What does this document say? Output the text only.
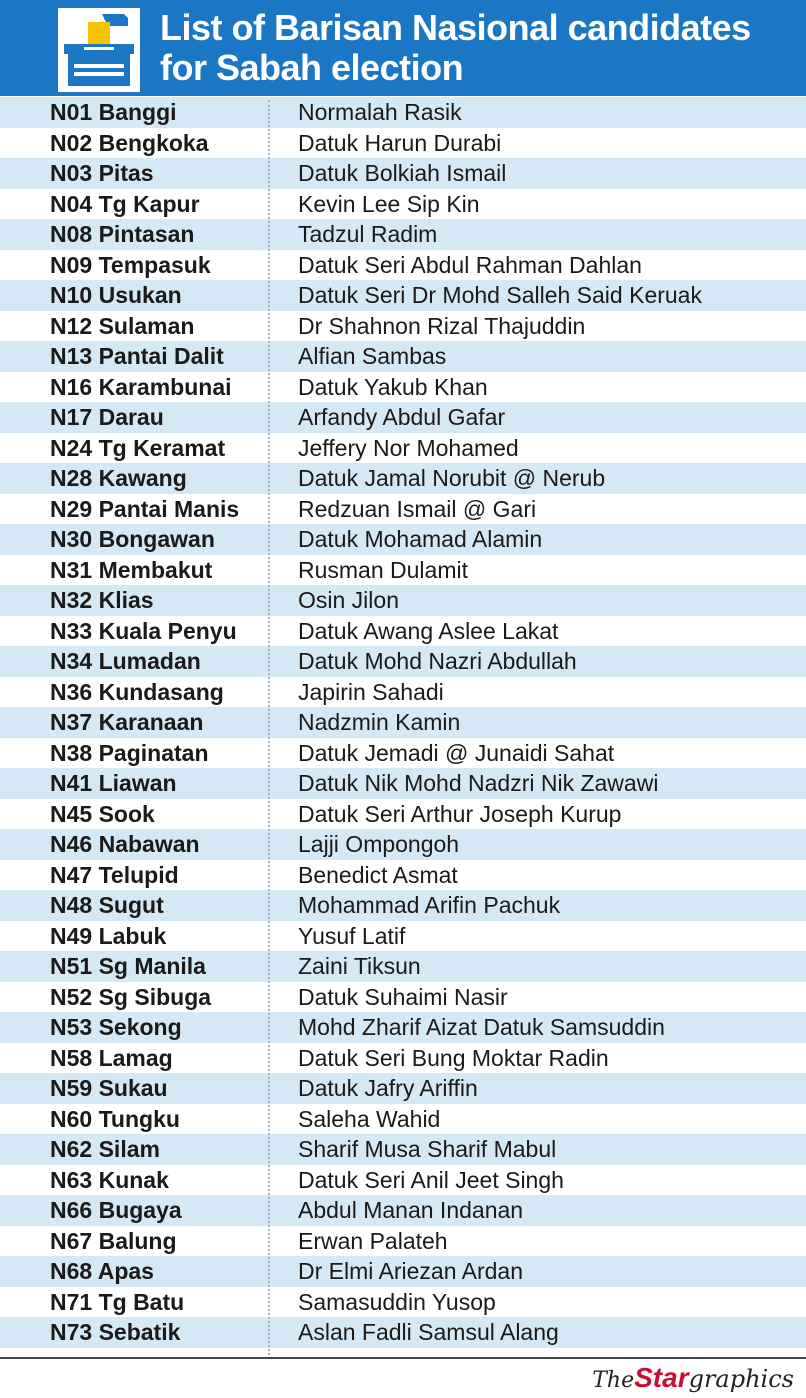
List of Barisan Nasional candidates
for Sabah election
N01 Banggi	Normalah Rasik
N02 Bengkoka	Datuk Harun Durabi
N03 Pitas	Datuk Bolkiah Ismail
N04 Tg Kapur	Kevin Lee Sip Kin
N08 Pintasan	Tadzul Radim
N09 Tempasuk	Datuk Seri Abdul Rahman Dahlan
N10 Usukan	Datuk Seri Dr Mohd Salleh Said Keruak
N12 Sulaman	Dr Shahnon Rizal Thajuddin
N13 Pantai Dalit	Alfian Sambas
N16 Karambunai	Datuk Yakub Khan
N17 Darau	Arfandy Abdul Gafar
N24 Tg Keramat	Jeffery Nor Mohamed
N28 Kawang	Datuk Jamal Norubit @ Nerub
N29 Pantai Manis	Redzuan Ismail @ Gari
N30 Bongawan	Datuk Mohamad Alamin
N31 Membakut	Rusman Dulamit
N32 Klias	Osin Jilon
N33 Kuala Penyu	Datuk Awang Aslee Lakat
N34 Lumadan	Datuk Mohd Nazri Abdullah
N36 Kundasang	Japirin Sahadi
N37 Karanaan	Nadzmin Kamin
N38 Paginatan	Datuk Jemadi @ Junaidi Sahat
N41 Liawan	Datuk Nik Mohd Nadzri Nik Zawawi
N45 Sook	Datuk Seri Arthur Joseph Kurup
N46 Nabawan	Lajji Ompongoh
N47 Telupid	Benedict Asmat
N48 Sugut	Mohammad Arifin Pachuk
N49 Labuk	Yusuf Latif
N51 Sg Manila	Zaini Tiksun
N52 Sg Sibuga	Datuk Suhaimi Nasir
N53 Sekong	Mohd Zharif Aizat Datuk Samsuddin
N58 Lamag	Datuk Seri Bung Moktar Radin
N59 Sukau	Datuk Jafry Ariffin
N60 Tungku	Saleha Wahid
N62 Silam	Sharif Musa Sharif Mabul
N63 Kunak	Datuk Seri Anil Jeet Singh
N66 Bugaya	Abdul Manan Indanan
N67 Balung	Erwan Palateh
N68 Apas	Dr Elmi Ariezan Ardan
N71 Tg Batu	Samasuddin Yusop
N73 Sebatik	Aslan Fadli Samsul Alang
TheStargraphics
